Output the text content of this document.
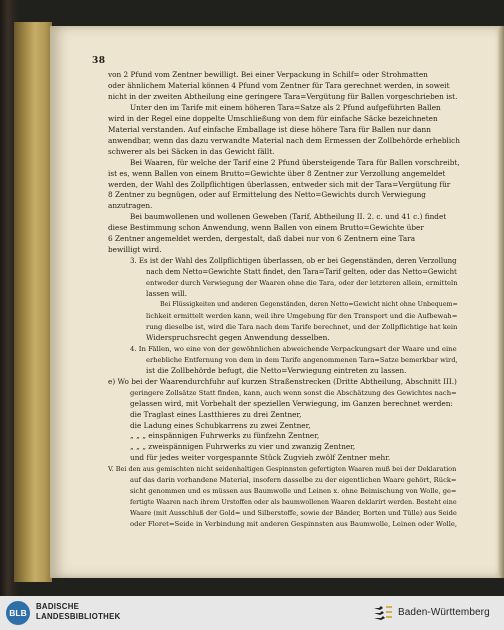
38
von 2 Pfund vom Zentner bewilligt. Bei einer Verpackung in Schilf= oder Strohmatten
oder ähnlichem Material können 4 Pfund vom Zentner für Tara gerechnet werden, in soweit
nicht in der zweiten Abtheilung eine geringere Tara=Vergütung für Ballen vorgeschrieben ist.
Unter den im Tarife mit einem höheren Tara=Satze als 2 Pfund aufgeführten Ballen
wird in der Regel eine doppelte Umschließung von dem für einfache Säcke bezeichneten
Material verstanden. Auf einfache Emballage ist diese höhere Tara für Ballen nur dann
anwendbar, wenn das dazu verwandte Material nach dem Ermessen der Zollbehörde erheblich
schwerer als bei Säcken in das Gewicht fällt.
Bei Waaren, für welche der Tarif eine 2 Pfund übersteigende Tara für Ballen vorschreibt,
ist es, wenn Ballen von einem Brutto=Gewichte über 8 Zentner zur Verzollung angemeldet
werden, der Wahl des Zollpflichtigen überlassen, entweder sich mit der Tara=Vergütung für
8 Zentner zu begnügen, oder auf Ermittelung des Netto=Gewichts durch Verwiegung
anzutragen.
Bei baumwollenen und wollenen Geweben (Tarif, Abtheilung II. 2. c. und 41 c.) findet
diese Bestimmung schon Anwendung, wenn Ballen von einem Brutto=Gewichte über
6 Zentner angemeldet werden, dergestalt, daß dabei nur von 6 Zentnern eine Tara
bewilligt wird.
3. Es ist der Wahl des Zollpflichtigen überlassen, ob er bei Gegenständen, deren Verzollung
nach dem Netto=Gewichte Statt findet, den Tara=Tarif gelten, oder das Netto=Gewicht
entweder durch Verwiegung der Waaren ohne die Tara, oder der letzteren allein, ermitteln
lassen will.
Bei Flüssigkeiten und anderen Gegenständen, deren Netto=Gewicht nicht ohne Unbequem=
lichkeit ermittelt werden kann, weil ihre Umgebung für den Transport und die Aufbewah=
rung dieselbe ist, wird die Tara nach dem Tarife berechnet, und der Zollpflichtige hat kein
Widerspruchsrecht gegen Anwendung desselben.
4. In Fällen, wo eine von der gewöhnlichen abweichende Verpackungsart der Waare und eine
erhebliche Entfernung von dem in dem Tarife angenommenen Tara=Satze bemerkbar wird,
ist die Zollbehörde befugt, die Netto=Verwiegung eintreten zu lassen.
e) Wo bei der Waarendurchfuhr auf kurzen Straßenstrecken (Dritte Abtheilung, Abschnitt III.)
geringere Zollsätze Statt finden, kann, auch wenn sonst die Abschätzung des Gewichtes nach=
gelassen wird, mit Vorbehalt der speziellen Verwiegung, im Ganzen berechnet werden:
die Traglast eines Lastthieres zu drei Zentner,
die Ladung eines Schubkarrens zu zwei Zentner,
„ „ „ einspännigen Fuhrwerks zu fünfzehn Zentner,
„ „ „ zweispännigen Fuhrwerks zu vier und zwanzig Zentner,
und für jedes weiter vorgespannte Stück Zugvieh zwölf Zentner mehr.
V. Bei den aus gemischten nicht seidenhaltigen Gespinnsten gefertigten Waaren muß bei der Deklaration
auf das darin vorhandene Material, insofern dasselbe zu der eigentlichen Waare gehört, Rück=
sicht genommen und es müssen aus Baumwolle und Leinen x. ohne Beimischung von Wolle, ge=
fertigte Waaren nach ihrem Urstoffen oder als baumwollenen Waaren deklarirt werden. Besteht eine
Waare (mit Ausschluß der Gold= und Silberstoffe, sowie der Bänder, Borten und Tülle) aus Seide
oder Floret=Seide in Verbindung mit anderen Gespinnsten aus Baumwolle, Leinen oder Wolle,
BLB
BADISCHE
LANDESBIBLIOTHEK	Baden-Württemberg
